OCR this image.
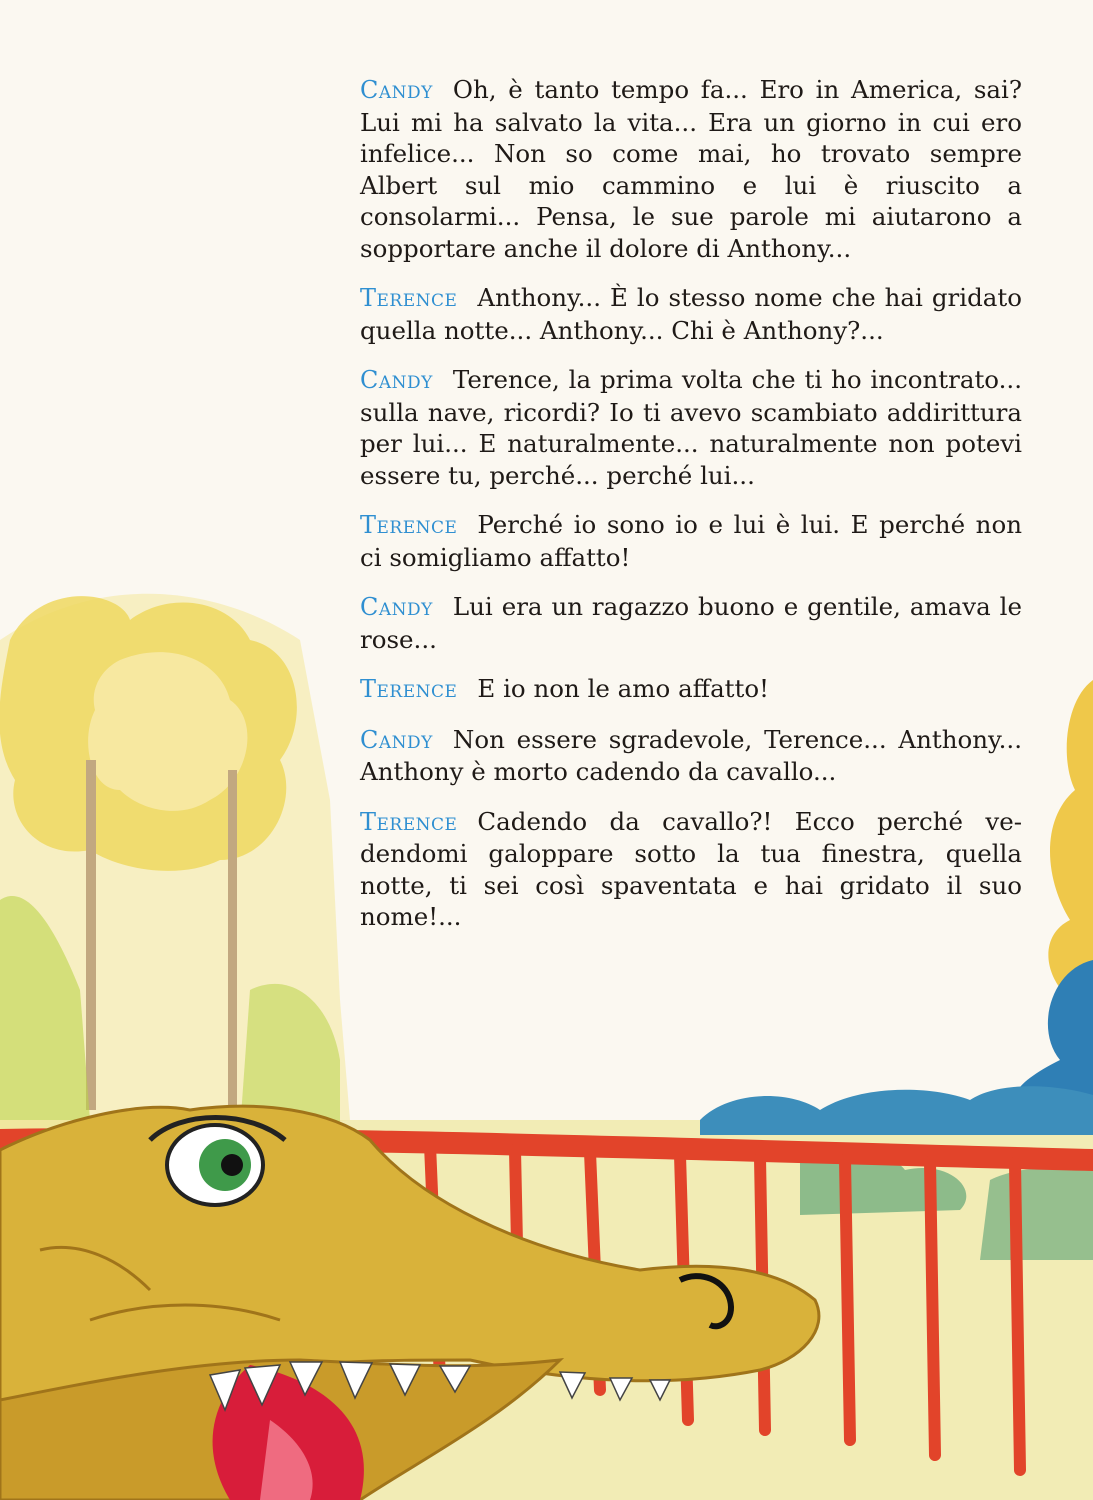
Candy Oh, è tanto tempo fa... Ero in America, sai? Lui mi ha salvato la vita... Era un giorno in cui ero infelice... Non so come mai, ho trovato sempre Albert sul mio cammino e lui è riuscito a consolarmi... Pensa, le sue parole mi aiutarono a sopportare anche il dolore di Anthony...

Terence Anthony... È lo stesso nome che hai gridato quella notte... Anthony... Chi è Anthony?...

Candy Terence, la prima volta che ti ho incontrato... sulla nave, ricordi? Io ti avevo scambiato addirittura per lui... E naturalmente... naturalmente non potevi essere tu, perché... perché lui...

Terence Perché io sono io e lui è lui. E perché non ci somigliamo affatto!

Candy Lui era un ragazzo buono e gentile, amava le rose...

Terence E io non le amo affatto!

Candy Non essere sgradevole, Terence... Anthony... Anthony è morto cadendo da cavallo...

Terence Cadendo da cavallo?! Ecco perché vedendomi galoppare sotto la tua finestra, quella notte, ti sei così spaventata e hai gridato il suo nome!...
